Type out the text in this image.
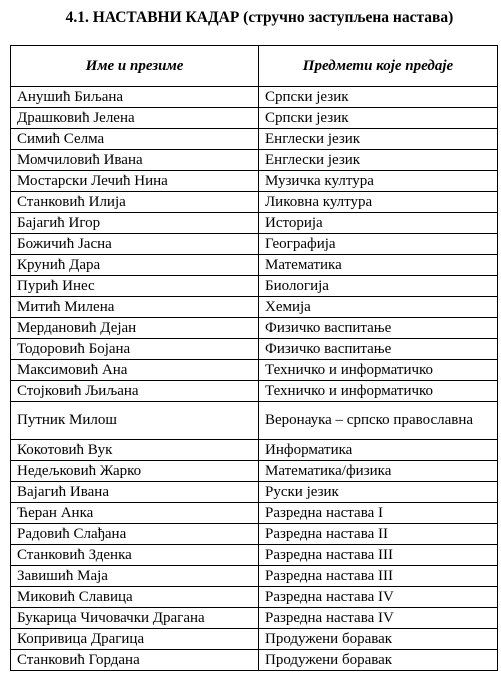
4.1. НАСТАВНИ КАДАР (стручно заступљена настава)
Име и презиме	Предмети које предаје
Анушић Биљана	Српски језик
Драшковић Јелена	Српски језик
Симић Селма	Енглески језик
Момчиловић Ивана	Енглески језик
Мостарски Лечић Нина	Музичка култура
Станковић Илија	Ликовна култура
Бајагић Игор	Историја
Божичић Јасна	Географија
Крунић Дара	Математика
Пурић Инес	Биологија
Митић Милена	Хемија
Мердановић Дејан	Физичко васпитање
Тодоровић Бојана	Физичко васпитање
Максимовић Ана	Техничко и информатичко
Стојковић Љиљана	Техничко и информатичко
Путник Милош	Веронаука – српско православна
Кокотовић Вук	Информатика
Недељковић Жарко	Математика/физика
Вајагић Ивана	Руски језик
Ћеран Анка	Разредна настава I
Радовић Слађана	Разредна настава II
Станковић Зденка	Разредна настава III
Завишић Маја	Разредна настава III
Миковић Славица	Разредна настава IV
Букарица Чичовачки Драгана	Разредна настава IV
Копривица Драгица	Продужени боравак
Станковић Гордана	Продужени боравак
